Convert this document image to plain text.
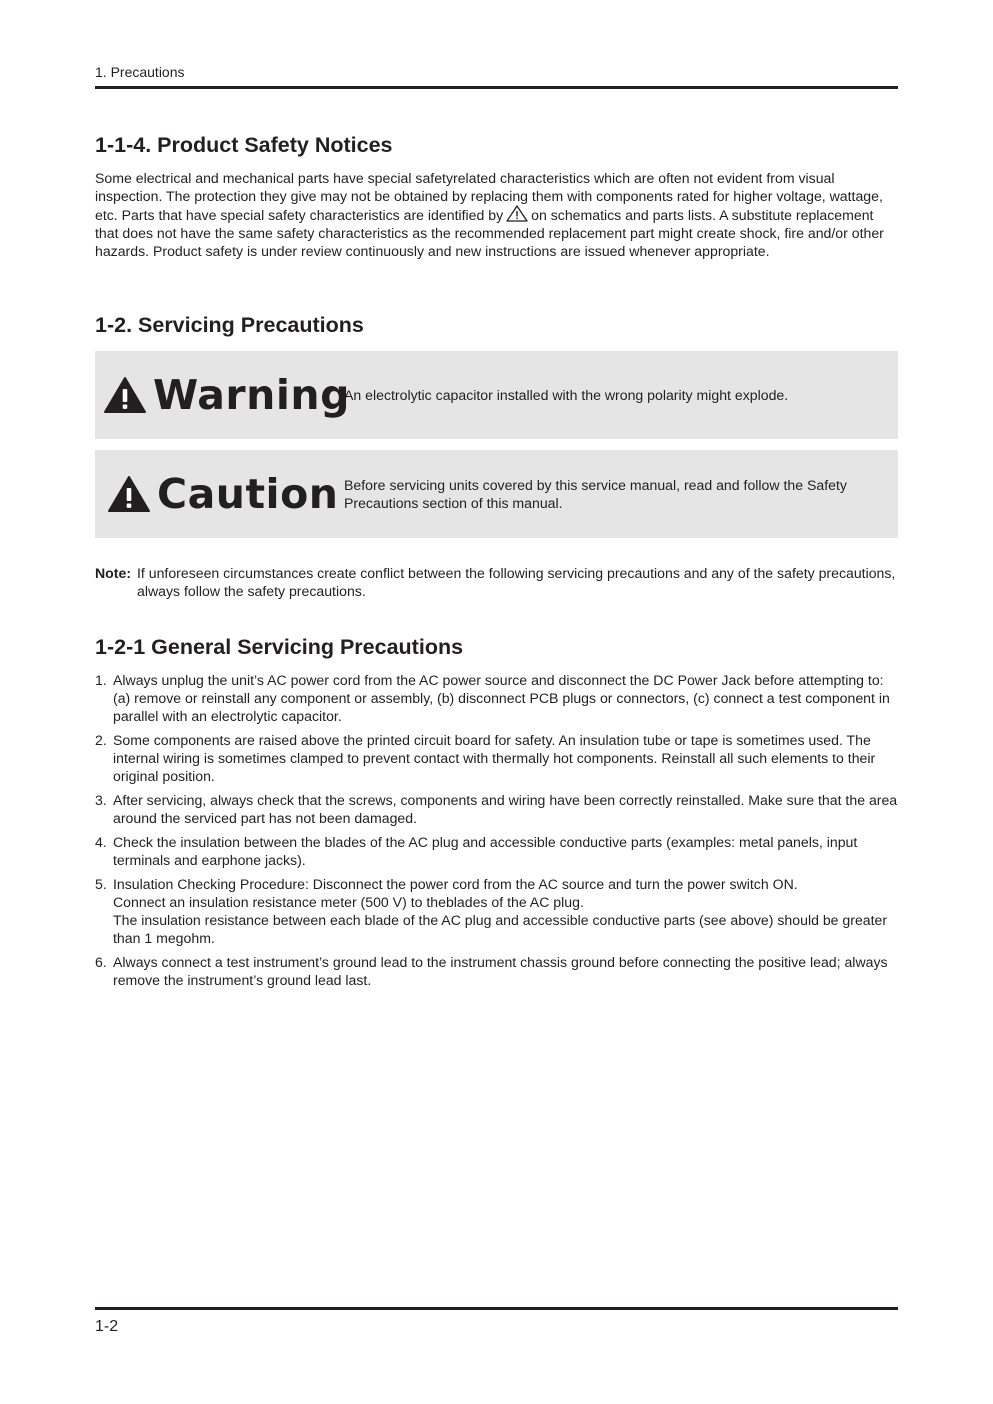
1. Precautions
1-1-4. Product Safety Notices

Some electrical and mechanical parts have special safetyrelated characteristics which are often not evident from visual inspection. The protection they give may not be obtained by replacing them with components rated for higher voltage, wattage, etc. Parts that have special safety characteristics are identified by on schematics and parts lists. A substitute replacement that does not have the same safety characteristics as the recommended replacement part might create shock, fire and/or other hazards. Product safety is under review continuously and new instructions are issued whenever appropriate.

1-2. Servicing Precautions
Warning
An electrolytic capacitor installed with the wrong polarity might explode.
Caution Before servicing units covered by this service manual, read and follow the Safety Precautions section of this manual.
Note: If unforeseen circumstances create conflict between the following servicing precautions and any of the safety precautions, always follow the safety precautions.
1-2-1 General Servicing Precautions
1. Always unplug the unit’s AC power cord from the AC power source and disconnect the DC Power Jack before attempting to: (a) remove or reinstall any component or assembly, (b) disconnect PCB plugs or connectors, (c) connect a test component in parallel with an electrolytic capacitor.
2. Some components are raised above the printed circuit board for safety. An insulation tube or tape is sometimes used. The internal wiring is sometimes clamped to prevent contact with thermally hot components. Reinstall all such elements to their original position.
3. After servicing, always check that the screws, components and wiring have been correctly reinstalled. Make sure that the area around the serviced part has not been damaged.
4. Check the insulation between the blades of the AC plug and accessible conductive parts (examples: metal panels, input terminals and earphone jacks).
5. Insulation Checking Procedure: Disconnect the power cord from the AC source and turn the power switch ON.
Connect an insulation resistance meter (500 V) to theblades of the AC plug.
The insulation resistance between each blade of the AC plug and accessible conductive parts (see above) should be greater than 1 megohm.
6. Always connect a test instrument’s ground lead to the instrument chassis ground before connecting the positive lead; always remove the instrument’s ground lead last.
1-2
